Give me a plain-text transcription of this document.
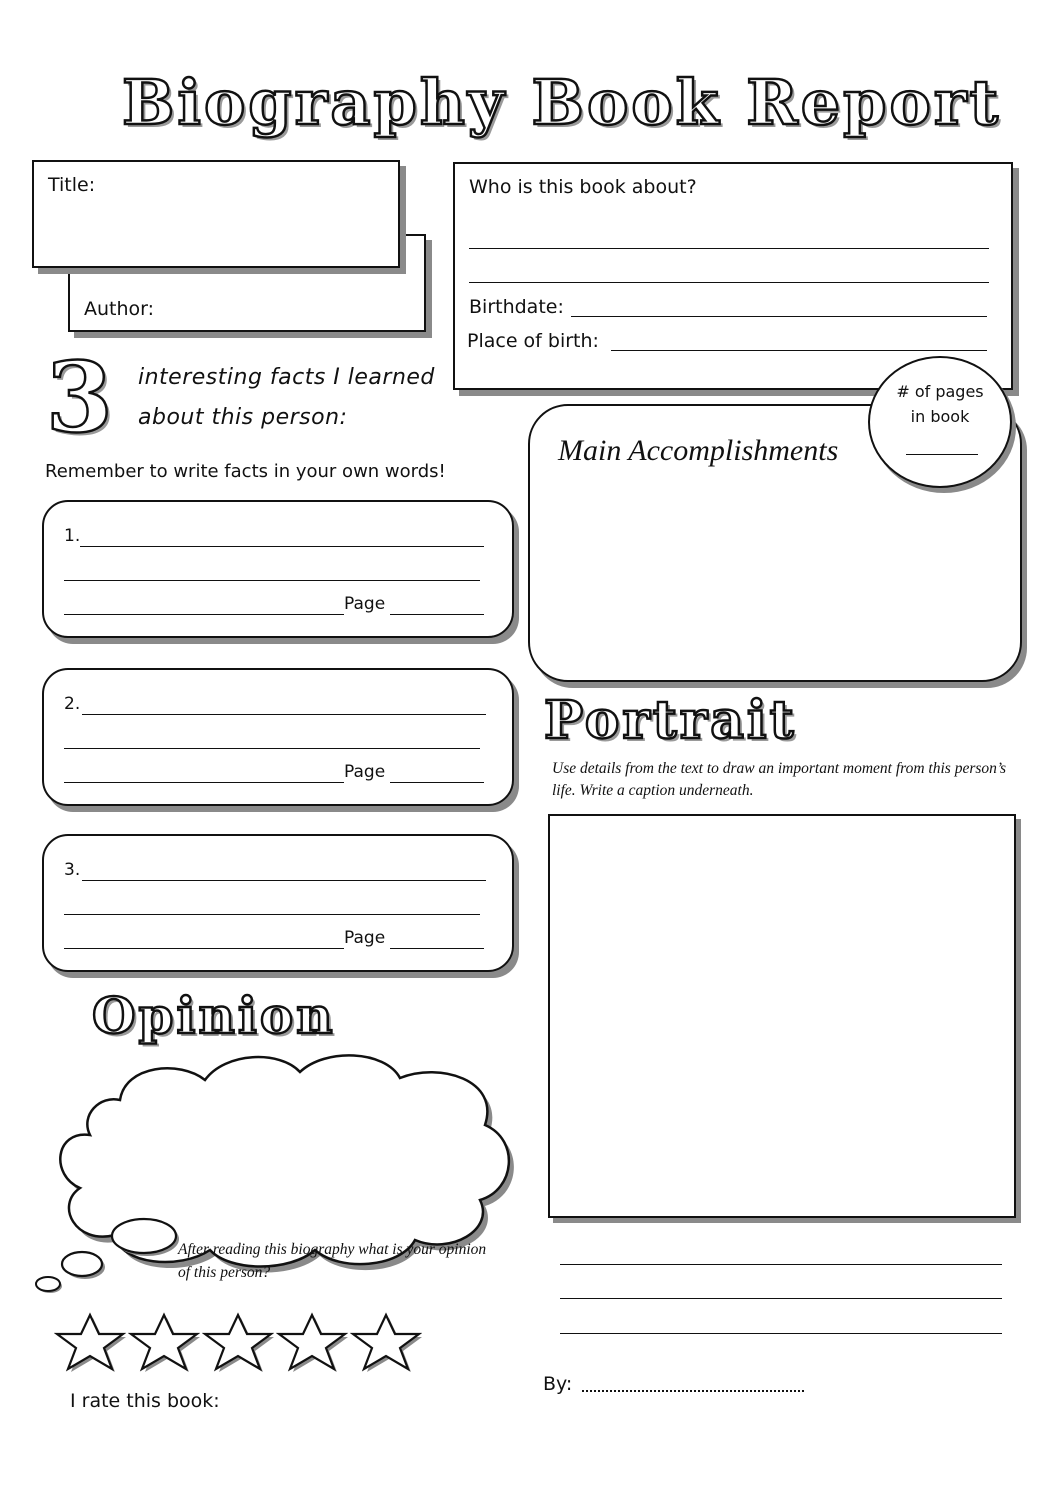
Biography Book Report
Author:
Title:	Who is this book about?
Birthdate:
Place of birth:
3 interesting facts I learned
about this person:
Remember to write facts in your own words!
1.
Page
2.
Page
3.
Page
Main Accomplishments
# of pages
in book
Portrait
Use details from the text to draw an important moment from this person’s life. Write a caption underneath.
By:
Opinion
After reading this biography what is your opinion of this person?
I rate this book:
